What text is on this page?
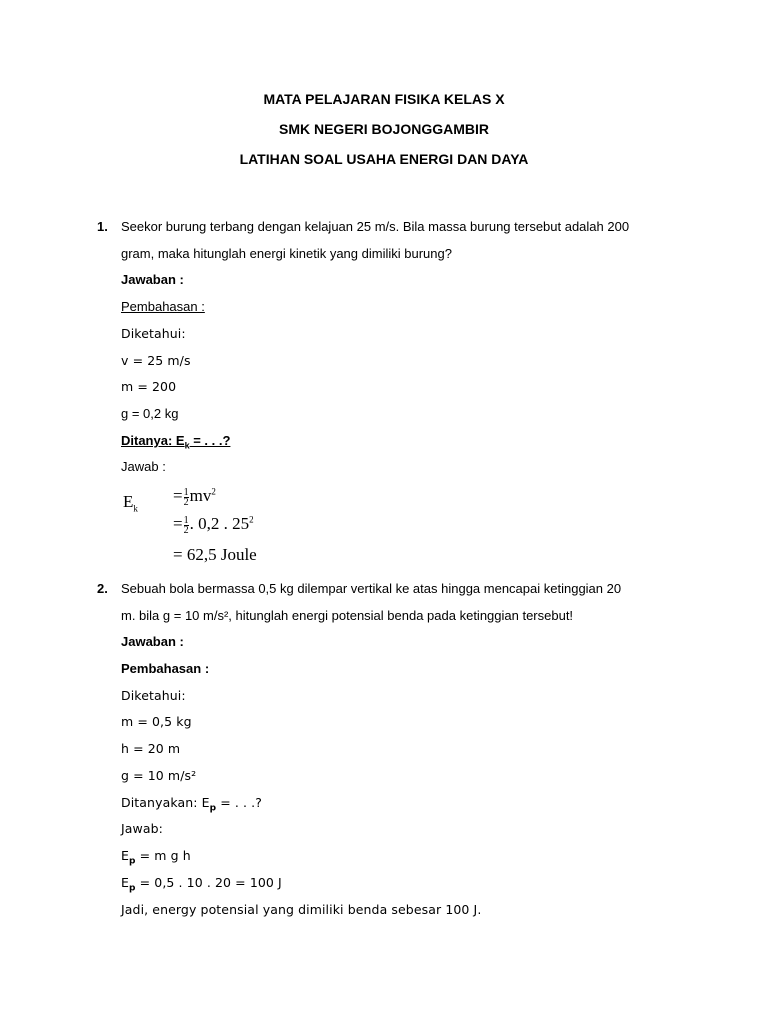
MATA PELAJARAN FISIKA KELAS X
SMK NEGERI BOJONGGAMBIR
LATIHAN SOAL USAHA ENERGI DAN DAYA
1. Seekor burung terbang dengan kelajuan 25 m/s. Bila massa burung tersebut adalah 200
gram, maka hitunglah energi kinetik yang dimiliki burung?
Jawaban :
Pembahasan :
Diketahui:
v = 25 m/s
m = 200
g = 0,2 kg
Ditanya: $E_k$ = . . .?
Jawab :
$E_k$
= $\frac{1}{2} mv^2$
= $\frac{1}{2}$ . 0,2 . $25^2$
= 62,5 Joule
2. Sebuah bola bermassa 0,5 kg dilempar vertikal ke atas hingga mencapai ketinggian 20
m. bila g = 10 m/s², hitunglah energi potensial benda pada ketinggian tersebut!
Jawaban :
Pembahasan :
Diketahui:
m = 0,5 kg
h = 20 m
g = 10 m/s²
Ditanyakan: $E_p$ = . . .?
Jawab:
$E_p = m$ g h
$E_p = 0,5$ . 10 . 20 = 100 J
Jadi, energy potensial yang dimiliki benda sebesar 100 J.
